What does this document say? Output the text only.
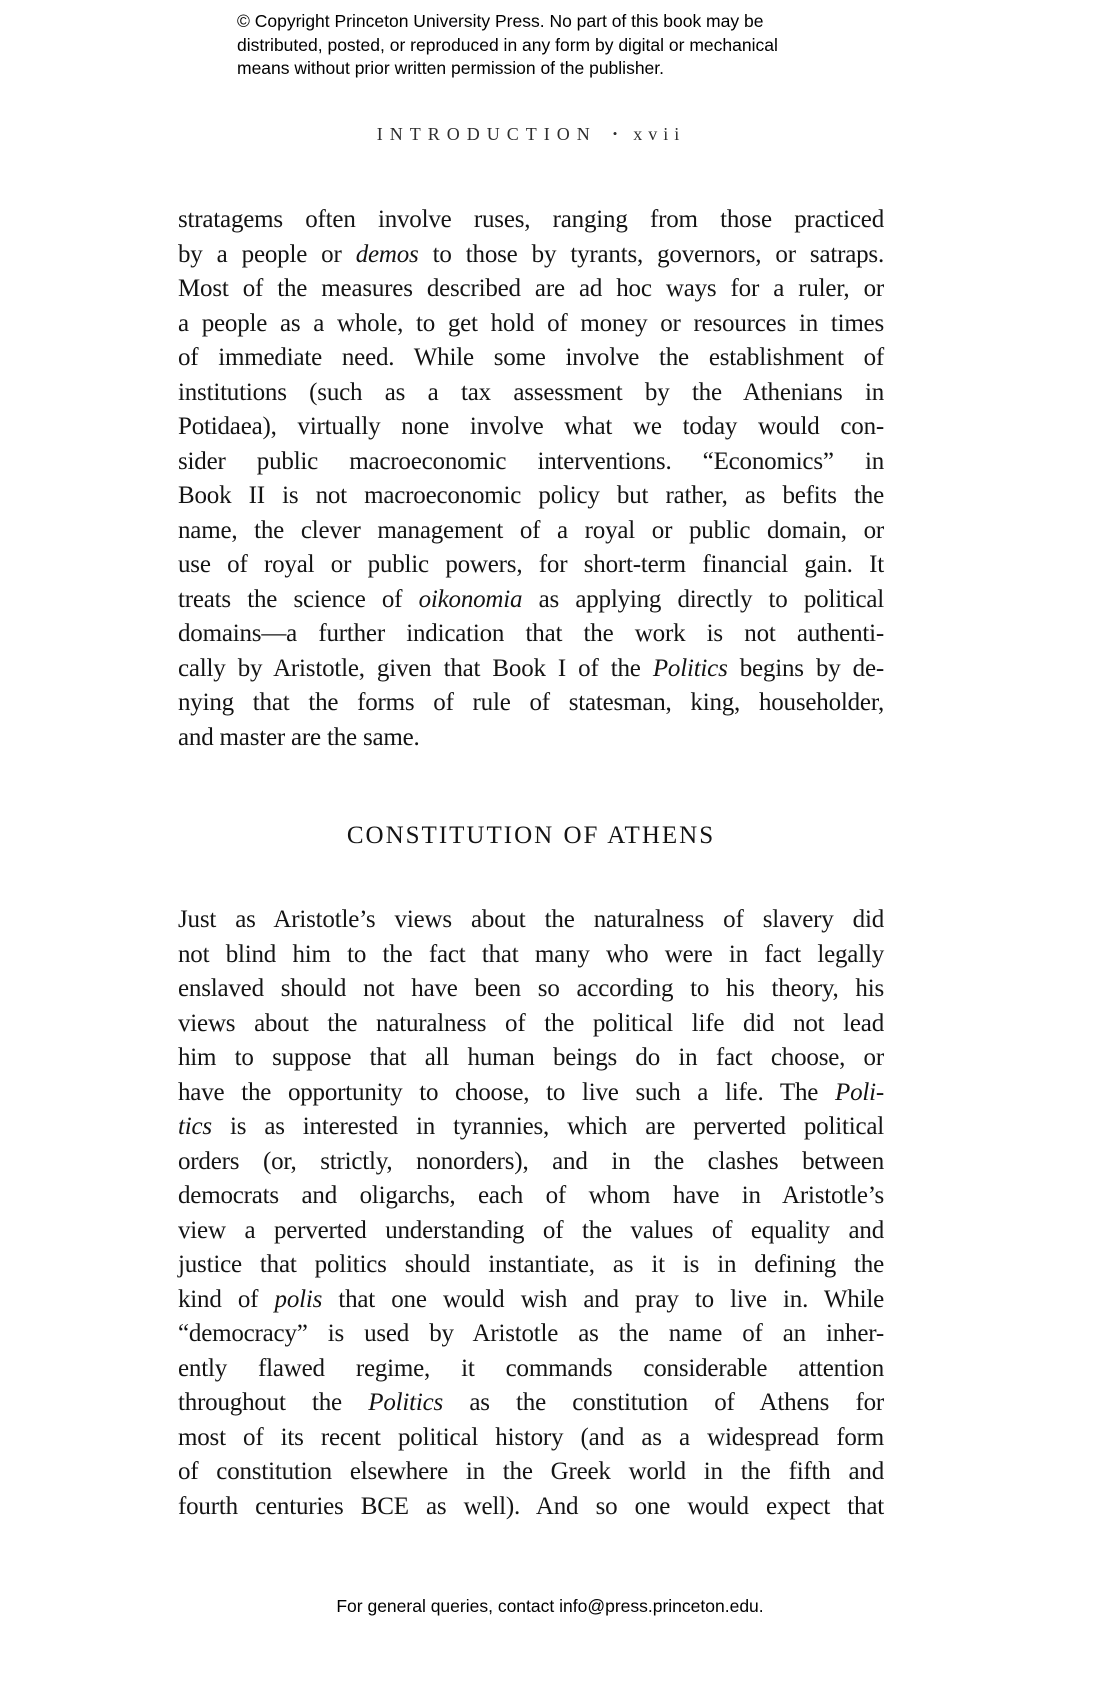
© Copyright Princeton University Press. No part of this book may be
distributed, posted, or reproduced in any form by digital or mechanical
means without prior written permission of the publisher.
INTRODUCTION • xvii
stratagems often involve ruses, ranging from those practiced
by a people or demos to those by tyrants, governors, or satraps.
Most of the measures described are ad hoc ways for a ruler, or
a people as a whole, to get hold of money or resources in times
of immediate need. While some involve the establishment of
institutions (such as a tax assessment by the Athenians in
Potidaea), virtually none involve what we today would con-
sider public macroeconomic interventions. “Economics” in
Book II is not macroeconomic policy but rather, as befits the
name, the clever management of a royal or public domain, or
use of royal or public powers, for short-term financial gain. It
treats the science of oikonomia as applying directly to political
domains—a further indication that the work is not authenti-
cally by Aristotle, given that Book I of the Politics begins by de-
nying that the forms of rule of statesman, king, householder,
and master are the same.
CONSTITUTION OF ATHENS
Just as Aristotle’s views about the naturalness of slavery did
not blind him to the fact that many who were in fact legally
enslaved should not have been so according to his theory, his
views about the naturalness of the political life did not lead
him to suppose that all human beings do in fact choose, or
have the opportunity to choose, to live such a life. The Poli-
tics is as interested in tyrannies, which are perverted political
orders (or, strictly, nonorders), and in the clashes between
democrats and oligarchs, each of whom have in Aristotle’s
view a perverted understanding of the values of equality and
justice that politics should instantiate, as it is in defining the
kind of polis that one would wish and pray to live in. While
“democracy” is used by Aristotle as the name of an inher-
ently flawed regime, it commands considerable attention
throughout the Politics as the constitution of Athens for
most of its recent political history (and as a widespread form
of constitution elsewhere in the Greek world in the fifth and
fourth centuries BCE as well). And so one would expect that
For general queries, contact info@press.princeton.edu.
